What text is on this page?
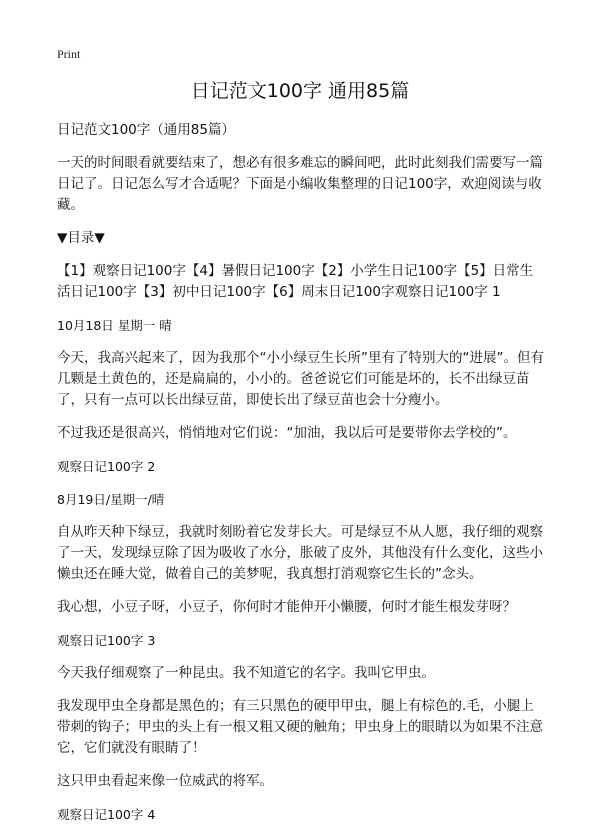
Print
日记范文100字 通用85篇

日记范文100字（通用85篇）

一天的时间眼看就要结束了，想必有很多难忘的瞬间吧，此时此刻我们需要写一篇日记了。日记怎么写才合适呢？下面是小编收集整理的日记100字，欢迎阅读与收藏。

▼目录▼

【1】观察日记100字【4】暑假日记100字【2】小学生日记100字【5】日常生活日记100字【3】初中日记100字【6】周末日记100字观察日记100字 1

10月18日 星期一 晴

今天，我高兴起来了，因为我那个“小小绿豆生长所”里有了特别大的“进展”。但有几颗是土黄色的，还是扁扁的，小小的。爸爸说它们可能是坏的，长不出绿豆苗了，只有一点可以长出绿豆苗，即使长出了绿豆苗也会十分瘦小。

不过我还是很高兴，悄悄地对它们说：“加油，我以后可是要带你去学校的”。

观察日记100字 2

8月19日/星期一/晴

自从昨天种下绿豆，我就时刻盼着它发芽长大。可是绿豆不从人愿，我仔细的观察了一天，发现绿豆除了因为吸收了水分，胀破了皮外，其他没有什么变化，这些小懒虫还在睡大觉，做着自己的美梦呢，我真想打消观察它生长的”念头。

我心想，小豆子呀，小豆子，你何时才能伸开小懒腰，何时才能生根发芽呀？

观察日记100字 3

今天我仔细观察了一种昆虫。我不知道它的名字。我叫它甲虫。

我发现甲虫全身都是黑色的；有三只黑色的硬甲甲虫，腿上有棕色的.毛，小腿上带刺的钩子；甲虫的头上有一根又粗又硬的触角；甲虫身上的眼睛以为如果不注意它，它们就没有眼睛了！

这只甲虫看起来像一位威武的将军。

观察日记100字 4
